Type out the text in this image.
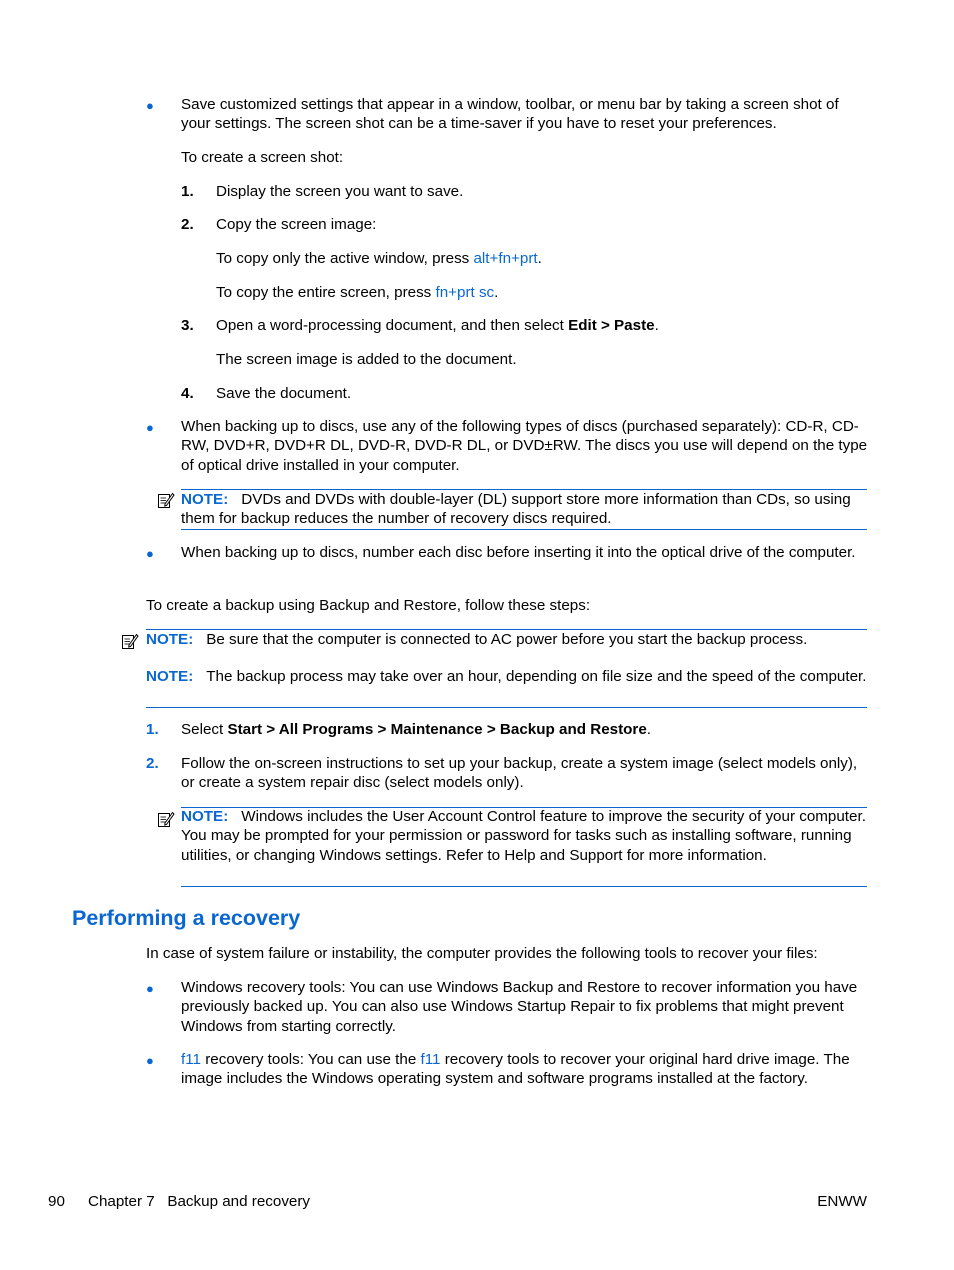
● Save customized settings that appear in a window, toolbar, or menu bar by taking a screen shot of your settings. The screen shot can be a time-saver if you have to reset your preferences.
To create a screen shot:
1. Display the screen you want to save.
2. Copy the screen image:
To copy only the active window, press alt+fn+prt.
To copy the entire screen, press fn+prt sc.
3. Open a word-processing document, and then select Edit > Paste.
The screen image is added to the document.
4. Save the document.
● When backing up to discs, use any of the following types of discs (purchased separately): CD-R, CD-RW, DVD+R, DVD+R DL, DVD-R, DVD-R DL, or DVD±RW. The discs you use will depend on the type of optical drive installed in your computer.
NOTE: DVDs and DVDs with double-layer (DL) support store more information than CDs, so using them for backup reduces the number of recovery discs required.
● When backing up to discs, number each disc before inserting it into the optical drive of the computer.
To create a backup using Backup and Restore, follow these steps:
NOTE: Be sure that the computer is connected to AC power before you start the backup process.
NOTE: The backup process may take over an hour, depending on file size and the speed of the computer.
1. Select Start > All Programs > Maintenance > Backup and Restore.
2. Follow the on-screen instructions to set up your backup, create a system image (select models only), or create a system repair disc (select models only).
NOTE: Windows includes the User Account Control feature to improve the security of your computer. You may be prompted for your permission or password for tasks such as installing software, running utilities, or changing Windows settings. Refer to Help and Support for more information.
Performing a recovery
In case of system failure or instability, the computer provides the following tools to recover your files:
● Windows recovery tools: You can use Windows Backup and Restore to recover information you have previously backed up. You can also use Windows Startup Repair to fix problems that might prevent Windows from starting correctly.
● f11 recovery tools: You can use the f11 recovery tools to recover your original hard drive image. The image includes the Windows operating system and software programs installed at the factory.
90 Chapter 7   Backup and recovery	ENWW
